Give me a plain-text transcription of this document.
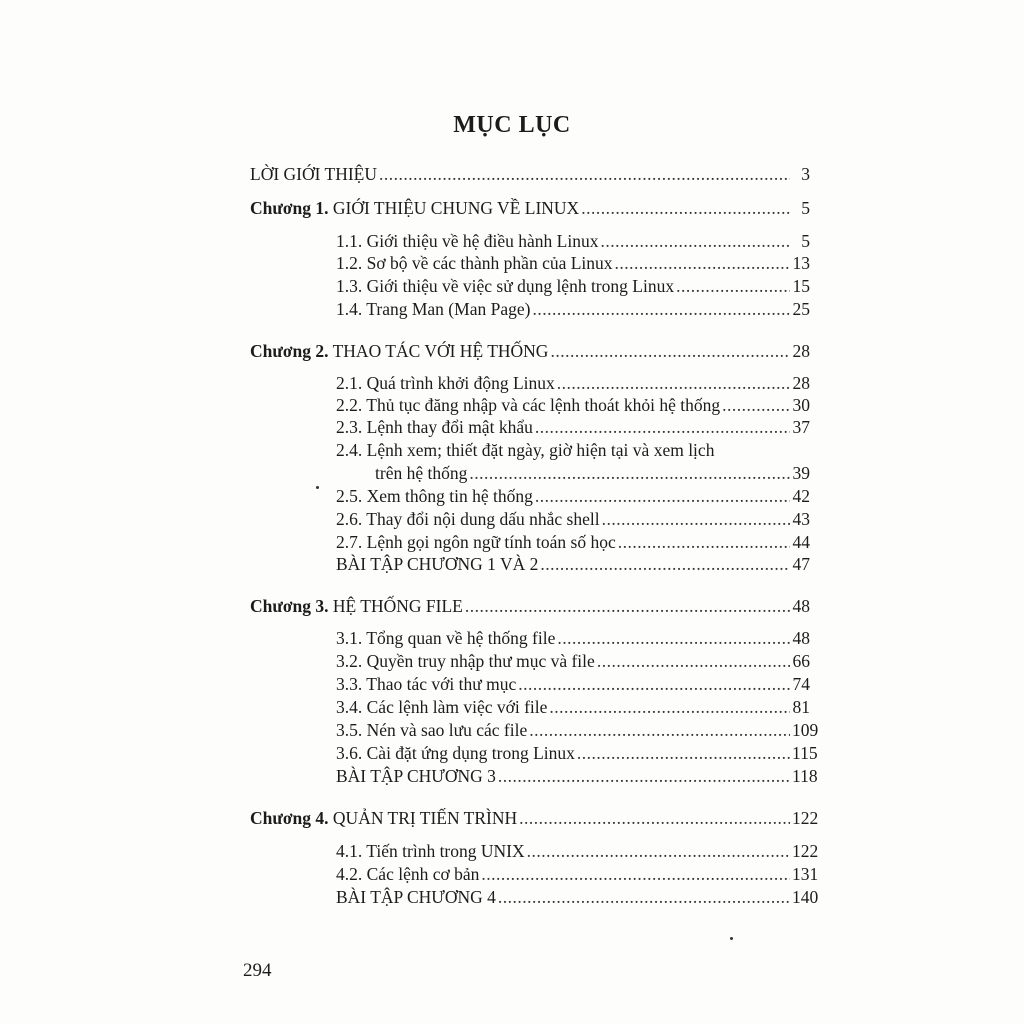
MỤC LỤC
LỜI GIỚI THIỆU .....	3
Chương 1. GIỚI THIỆU CHUNG VỀ LINUX .....	5
1.1. Giới thiệu về hệ điều hành Linux .....	5
1.2. Sơ bộ về các thành phần của Linux .....	13
1.3. Giới thiệu về việc sử dụng lệnh trong Linux .....	15
1.4. Trang Man (Man Page) .....	25
Chương 2. THAO TÁC VỚI HỆ THỐNG .....	28
2.1. Quá trình khởi động Linux .....	28
2.2. Thủ tục đăng nhập và các lệnh thoát khỏi hệ thống .....	30
2.3. Lệnh thay đổi mật khẩu .....	37
2.4. Lệnh xem; thiết đặt ngày, giờ hiện tại và xem lịch
trên hệ thống .....	39
2.5. Xem thông tin hệ thống .....	42
2.6. Thay đổi nội dung dấu nhắc shell .....	43
2.7. Lệnh gọi ngôn ngữ tính toán số học .....	44
BÀI TẬP CHƯƠNG 1 VÀ 2 .....	47
Chương 3. HỆ THỐNG FILE .....	48
3.1. Tổng quan về hệ thống file .....	48
3.2. Quyền truy nhập thư mục và file .....	66
3.3. Thao tác với thư mục .....	74
3.4. Các lệnh làm việc với file .....	81
3.5. Nén và sao lưu các file .....	109
3.6. Cài đặt ứng dụng trong Linux .....	115
BÀI TẬP CHƯƠNG 3 .....	118
Chương 4. QUẢN TRỊ TIẾN TRÌNH .....	122
4.1. Tiến trình trong UNIX .....	122
4.2. Các lệnh cơ bản .....	131
BÀI TẬP CHƯƠNG 4 .....	140
294
